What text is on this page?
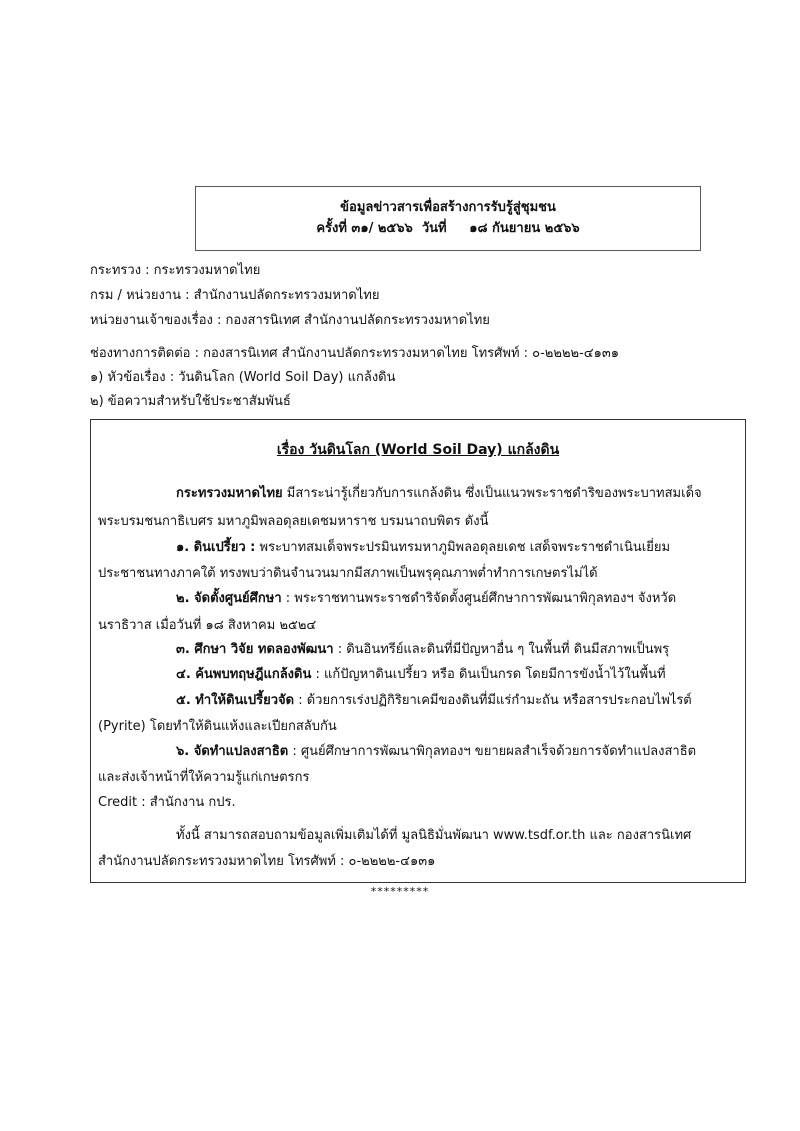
ข้อมูลข่าวสารเพื่อสร้างการรับรู้สู่ชุมชน
ครั้งที่ ๓๑/ ๒๕๖๖ วันที่ ๑๘ กันยายน ๒๕๖๖
กระทรวง : กระทรวงมหาดไทย
กรม / หน่วยงาน : สำนักงานปลัดกระทรวงมหาดไทย
หน่วยงานเจ้าของเรื่อง : กองสารนิเทศ สำนักงานปลัดกระทรวงมหาดไทย
ช่องทางการติดต่อ : กองสารนิเทศ สำนักงานปลัดกระทรวงมหาดไทย โทรศัพท์ : ๐-๒๒๒๒-๔๑๓๑
๑) หัวข้อเรื่อง : วันดินโลก (World Soil Day) แกล้งดิน
๒) ข้อความสำหรับใช้ประชาสัมพันธ์
เรื่อง วันดินโลก (World Soil Day) แกล้งดิน
กระทรวงมหาดไทย มีสาระน่ารู้เกี่ยวกับการแกล้งดิน ซึ่งเป็นแนวพระราชดำริของพระบาทสมเด็จ
พระบรมชนกาธิเบศร มหาภูมิพลอดุลยเดชมหาราช บรมนาถบพิตร ดังนี้
๑. ดินเปรี้ยว : พระบาทสมเด็จพระปรมินทรมหาภูมิพลอดุลยเดช เสด็จพระราชดำเนินเยี่ยม
ประชาชนทางภาคใต้ ทรงพบว่าดินจำนวนมากมีสภาพเป็นพรุคุณภาพต่ำทำการเกษตรไม่ได้
๒. จัดตั้งศูนย์ศึกษา : พระราชทานพระราชดำริจัดตั้งศูนย์ศึกษาการพัฒนาพิกุลทองฯ จังหวัด
นราธิวาส เมื่อวันที่ ๑๘ สิงหาคม ๒๕๒๔
๓. ศึกษา วิจัย ทดลองพัฒนา : ดินอินทรีย์และดินที่มีปัญหาอื่น ๆ ในพื้นที่ ดินมีสภาพเป็นพรุ
๔. ค้นพบทฤษฎีแกล้งดิน : แก้ปัญหาดินเปรี้ยว หรือ ดินเป็นกรด โดยมีการขังน้ำไว้ในพื้นที่
๕. ทำให้ดินเปรี้ยวจัด : ด้วยการเร่งปฏิกิริยาเคมีของดินที่มีแร่กำมะถัน หรือสารประกอบไพไรต์
(Pyrite) โดยทำให้ดินแห้งและเปียกสลับกัน
๖. จัดทำแปลงสาธิต : ศูนย์ศึกษาการพัฒนาพิกุลทองฯ ขยายผลสำเร็จด้วยการจัดทำแปลงสาธิต
และส่งเจ้าหน้าที่ให้ความรู้แก่เกษตรกร
Credit : สำนักงาน กปร.
ทั้งนี้ สามารถสอบถามข้อมูลเพิ่มเติมได้ที่ มูลนิธิมั่นพัฒนา www.tsdf.or.th และ กองสารนิเทศ
สำนักงานปลัดกระทรวงมหาดไทย โทรศัพท์ : ๐-๒๒๒๒-๔๑๓๑
*********
